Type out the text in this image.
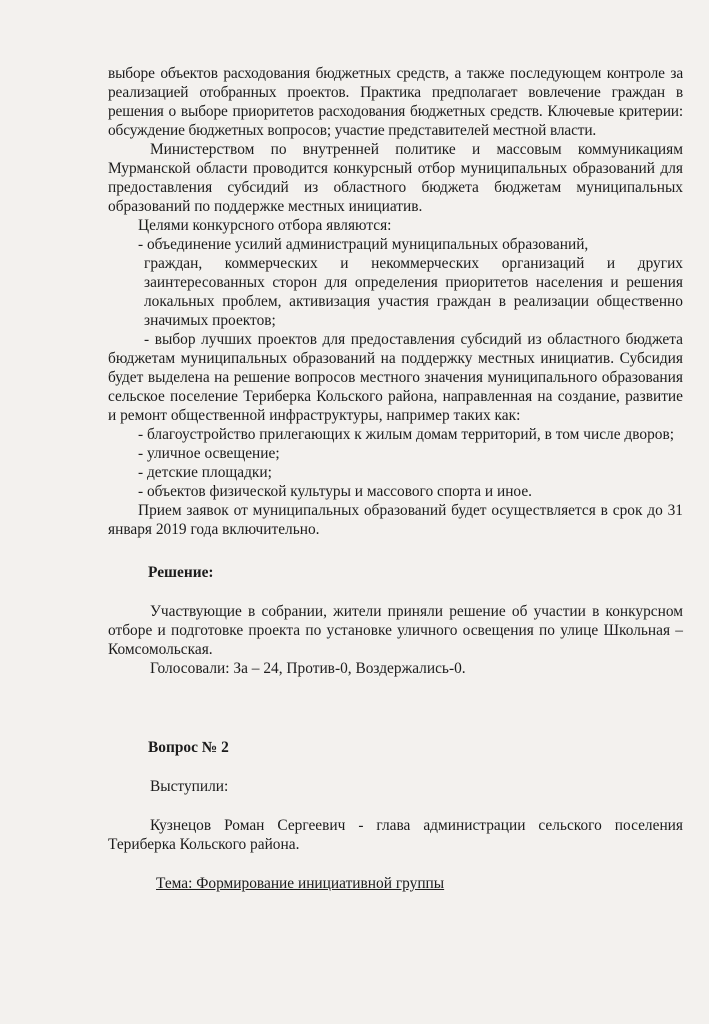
выборе объектов расходования бюджетных средств, а также последующем контроле за реализацией отобранных проектов. Практика предполагает вовлечение граждан в решения о выборе приоритетов расходования бюджетных средств. Ключевые критерии: обсуждение бюджетных вопросов; участие представителей местной власти.

Министерством по внутренней политике и массовым коммуникациям Мурманской области проводится конкурсный отбор муниципальных образований для предоставления субсидий из областного бюджета бюджетам муниципальных образований по поддержке местных инициатив.

Целями конкурсного отбора являются:

- объединение усилий администраций муниципальных образований,

граждан, коммерческих и некоммерческих организаций и других заинтересованных сторон для определения приоритетов населения и решения локальных проблем, активизация участия граждан в реализации общественно значимых проектов;

- выбор лучших проектов для предоставления субсидий из областного бюджета бюджетам муниципальных образований на поддержку местных инициатив. Субсидия будет выделена на решение вопросов местного значения муниципального образования сельское поселение Териберка Кольского района, направленная на создание, развитие и ремонт общественной инфраструктуры, например таких как:

- благоустройство прилегающих к жилым домам территорий, в том числе дворов;

- уличное освещение;

- детские площадки;

- объектов физической культуры и массового спорта и иное.

Прием заявок от муниципальных образований будет осуществляется в срок до 31 января 2019 года включительно.

Решение:

Участвующие в собрании, жители приняли решение об участии в конкурсном отборе и подготовке проекта по установке уличного освещения по улице Школьная – Комсомольская.

Голосовали: За – 24, Против-0, Воздержались-0.

Вопрос № 2

Выступили:

Кузнецов Роман Сергеевич - глава администрации сельского поселения Териберка Кольского района.

Тема: Формирование инициативной группы
